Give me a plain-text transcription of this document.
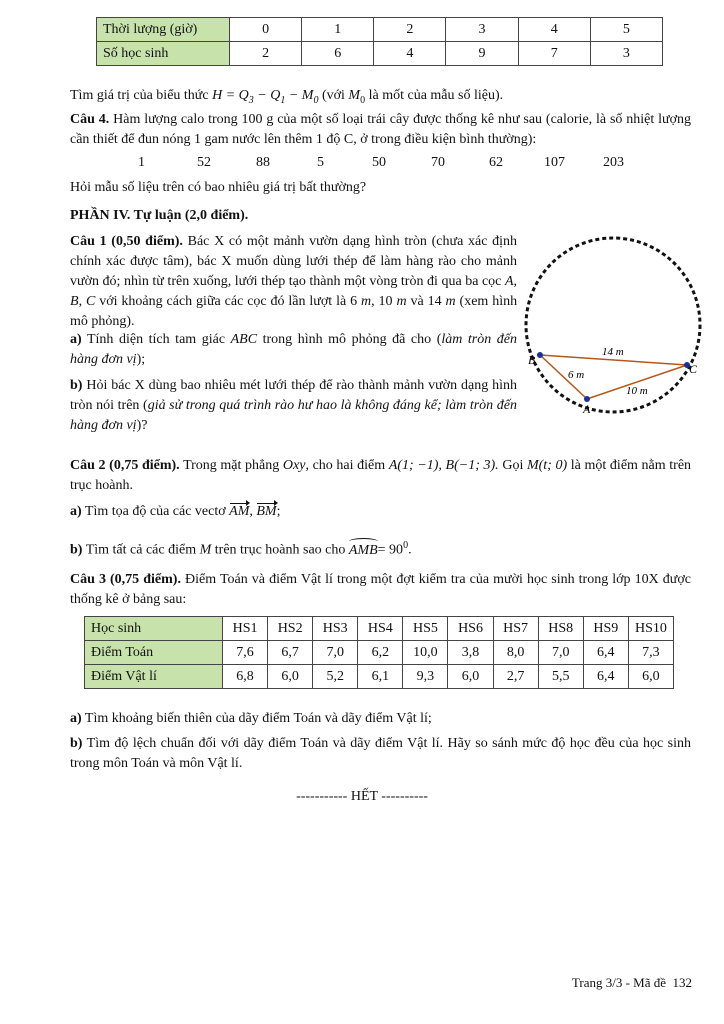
Thời lượng (giờ)	0	1	2	3	4	5
Số học sinh	2	6	4	9	7	3

Tìm giá trị của biểu thức $H = Q_3 - Q_1 - M_0$ (với $M_0$ là mốt của mẫu số liệu).

Câu 4. Hàm lượng calo trong 100 g của một số loại trái cây được thống kê như sau (calorie, là số nhiệt lượng cần thiết để đun nóng 1 gam nước lên thêm 1 độ C, ở trong điều kiện bình thường):

1	52	88	5	50	70	62	107	203

Hỏi mẫu số liệu trên có bao nhiêu giá trị bất thường?

PHẦN IV. Tự luận (2,0 điểm).

Câu 1 (0,50 điểm). Bác X có một mảnh vườn dạng hình tròn (chưa xác định chính xác được tâm), bác X muốn dùng lưới thép để làm hàng rào cho mảnh vườn đó; nhìn từ trên xuống, lưới thép tạo thành một vòng tròn đi qua ba cọc A, B, C với khoảng cách giữa các cọc đó lần lượt là 6 m, 10 m và 14 m (xem hình mô phỏng).

a) Tính diện tích tam giác ABC trong hình mô phỏng đã cho (làm tròn đến hàng đơn vị);

b) Hỏi bác X dùng bao nhiêu mét lưới thép để rào thành mảnh vườn dạng hình tròn nói trên (giả sử trong quá trình rào hư hao là không đáng kể; làm tròn đến hàng đơn vị)?

14 m
6 m
10 m
B
A
C

Câu 2 (0,75 điểm). Trong mặt phẳng Oxy, cho hai điểm A(1; −1), B(−1; 3). Gọi M(t; 0) là một điểm nằm trên trục hoành.

a) Tìm tọa độ của các vectơ AM, BM;

b) Tìm tất cả các điểm M trên trục hoành sao cho $AMB= 90^0$.

Câu 3 (0,75 điểm). Điểm Toán và điểm Vật lí trong một đợt kiểm tra của mười học sinh trong lớp 10X được thống kê ở bảng sau:

Học sinh	HS1	HS2	HS3	HS4	HS5	HS6	HS7	HS8	HS9	HS10
Điểm Toán	7,6	6,7	7,0	6,2	10,0	3,8	8,0	7,0	6,4	7,3
Điểm Vật lí	6,8	6,0	5,2	6,1	9,3	6,0	2,7	5,5	6,4	6,0

a) Tìm khoảng biến thiên của dãy điểm Toán và dãy điểm Vật lí;

b) Tìm độ lệch chuẩn đối với dãy điểm Toán và dãy điểm Vật lí. Hãy so sánh mức độ học đều của học sinh trong môn Toán và môn Vật lí.

----------- HẾT ----------

Trang 3/3 - Mã đề  132
